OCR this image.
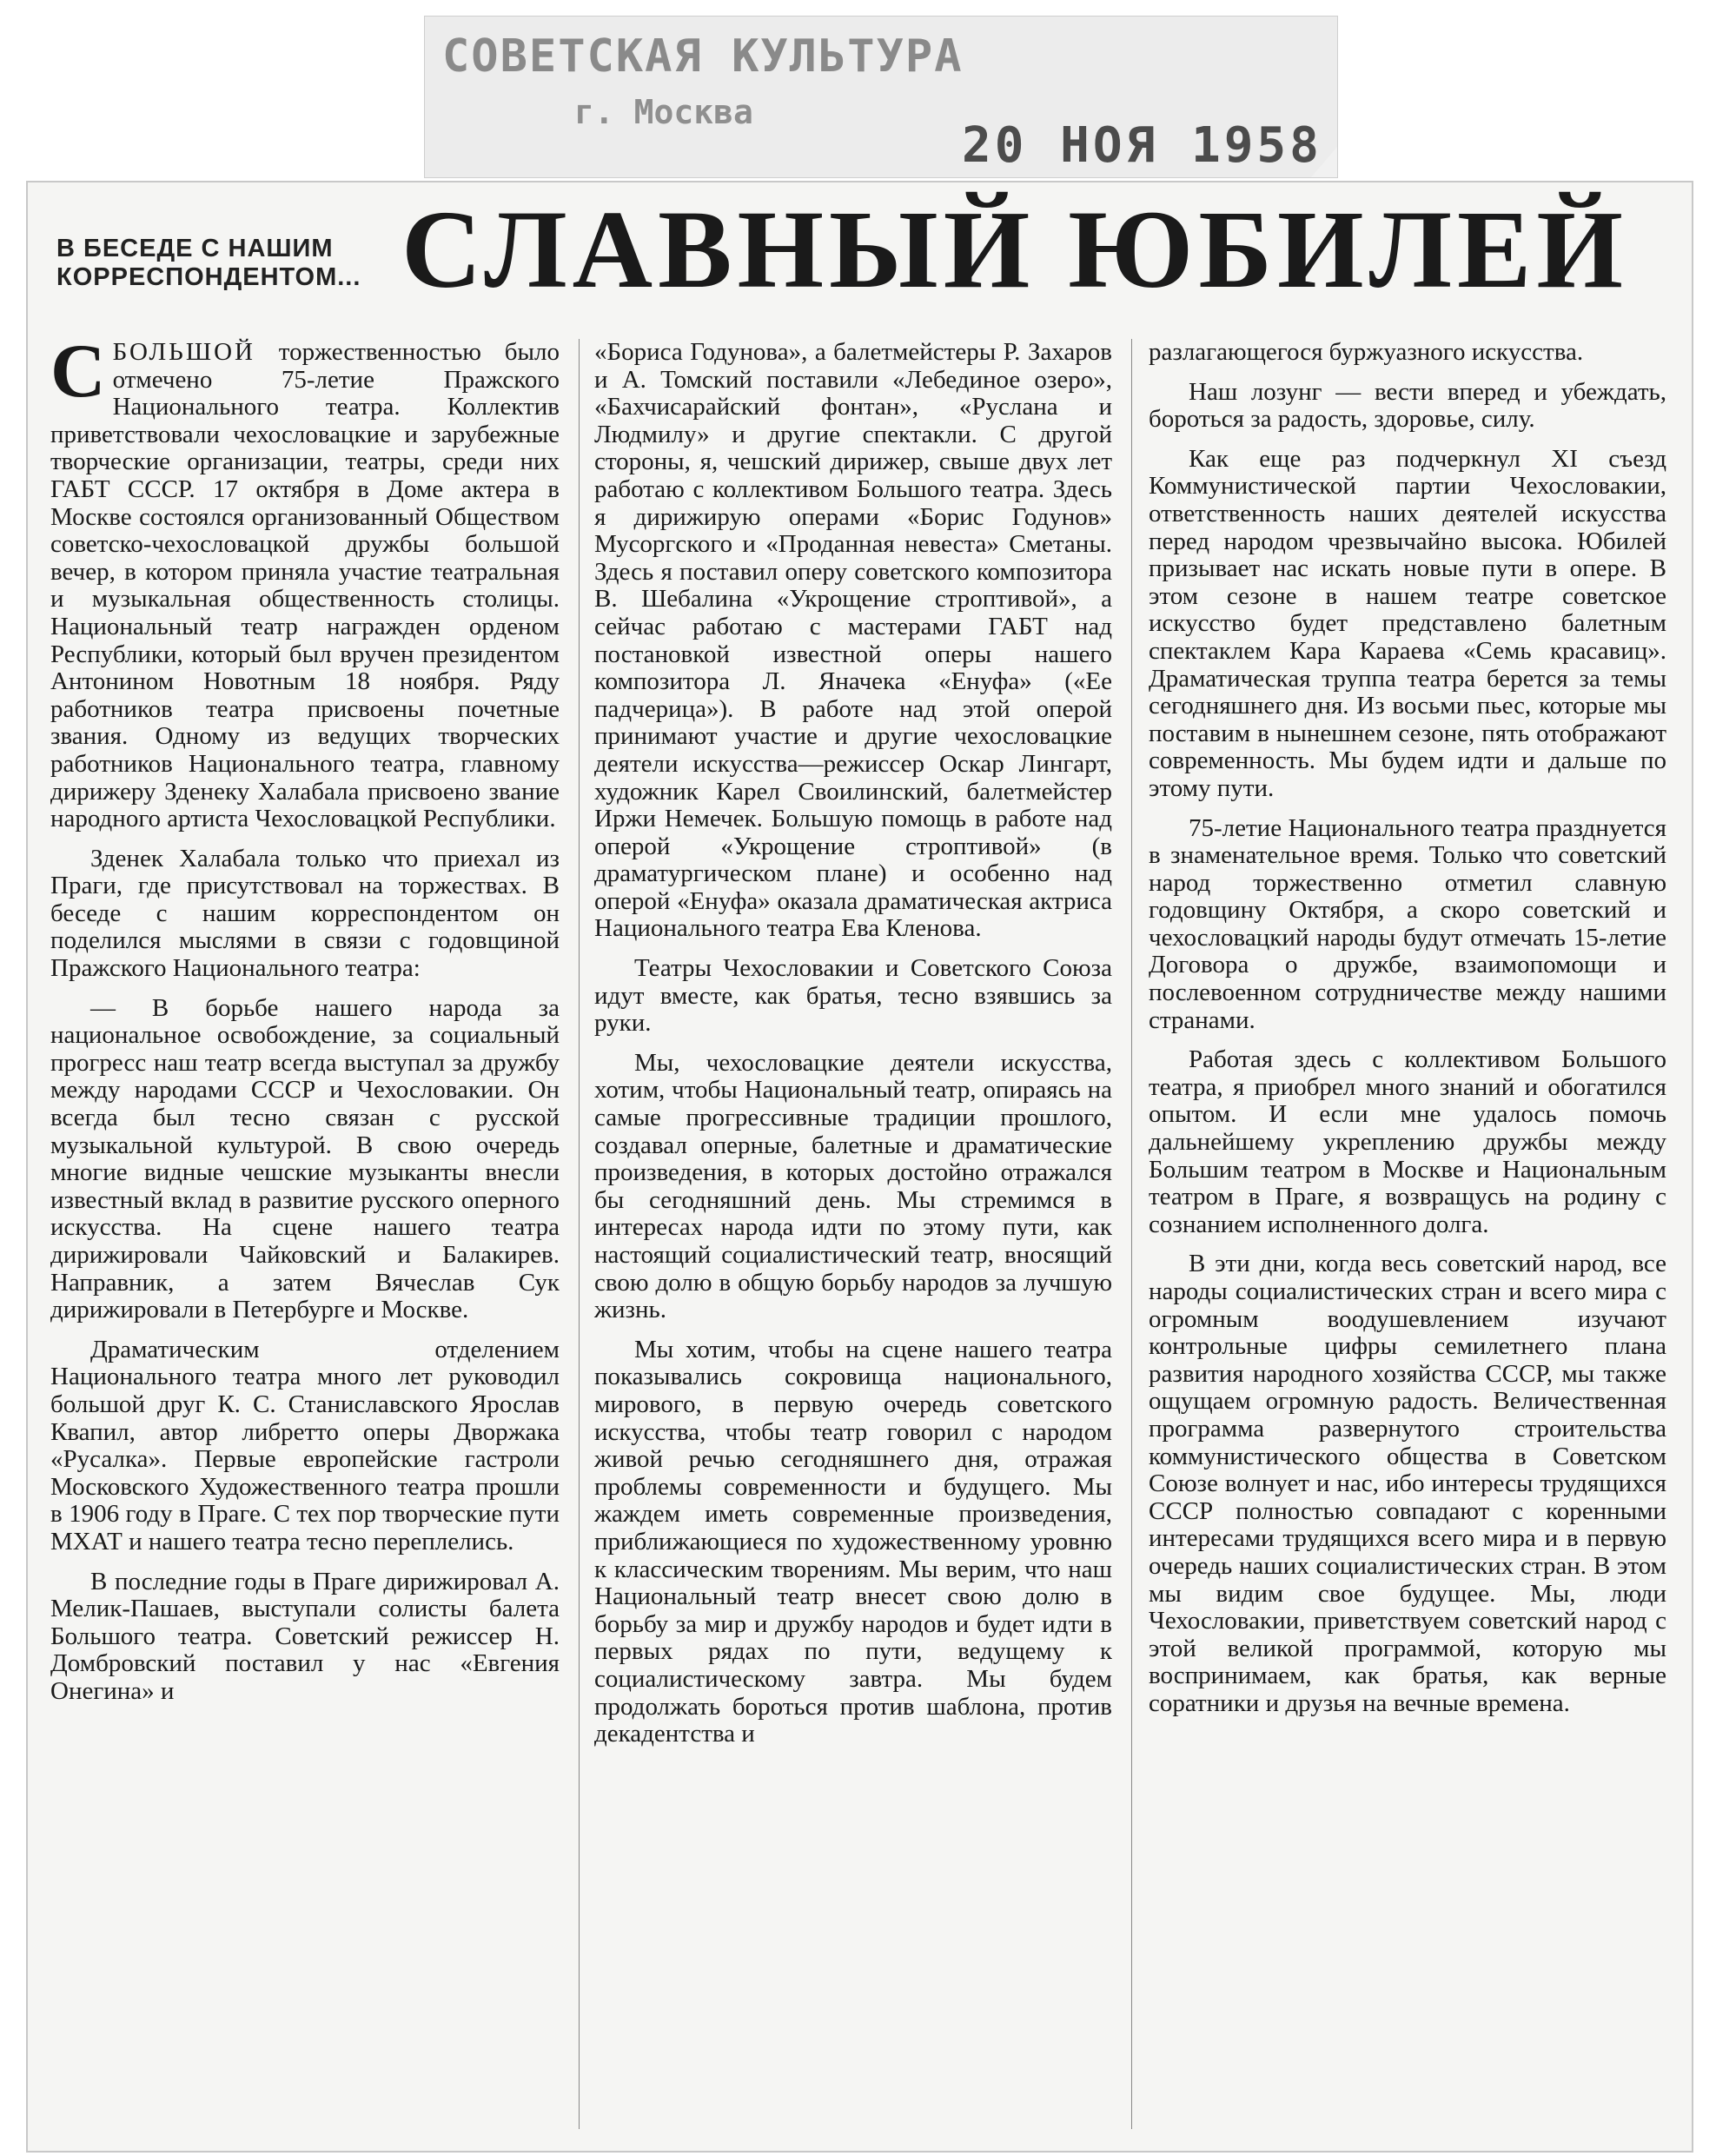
СОВЕТСКАЯ КУЛЬТУРА
г. Москва
20 НОЯ 1958
В БЕСЕДЕ С НАШИМ
КОРРЕСПОНДЕНТОМ... СЛАВНЫЙ ЮБИЛЕЙ

СБОЛЬШОЙ торжественностью было отмечено 75-летие Пражского Национального театра. Коллектив приветствовали чехословацкие и зарубежные творческие организации, театры, среди них ГАБТ СССР. 17 октября в Доме актера в Москве состоялся организованный Обществом советско-чехословацкой дружбы большой вечер, в котором приняла участие театральная и музыкальная общественность столицы. Национальный театр награжден орденом Республики, который был вручен президентом Антонином Новотным 18 ноября. Ряду работников театра присвоены почетные звания. Одному из ведущих творческих работников Национального театра, главному дирижеру Зденеку Халабала присвоено звание народного артиста Чехословацкой Республики.

Зденек Халабала только что приехал из Праги, где присутствовал на торжествах. В беседе с нашим корреспондентом он поделился мыслями в связи с годовщиной Пражского Национального театра:

— В борьбе нашего народа за национальное освобождение, за социальный прогресс наш театр всегда выступал за дружбу между народами СССР и Чехословакии. Он всегда был тесно связан с русской музыкальной культурой. В свою очередь многие видные чешские музыканты внесли известный вклад в развитие русского оперного искусства. На сцене нашего театра дирижировали Чайковский и Балакирев. Направник, а затем Вячеслав Сук дирижировали в Петербурге и Москве.

Драматическим отделением Национального театра много лет руководил большой друг К. С. Станиславского Ярослав Квапил, автор либретто оперы Дворжака «Русалка». Первые европейские гастроли Московского Художественного театра прошли в 1906 году в Праге. С тех пор творческие пути МХАТ и нашего театра тесно переплелись.

В последние годы в Праге дирижировал А. Мелик-Пашаев, выступали солисты балета Большого театра. Советский режиссер Н. Домбровский поставил у нас «Евгения Онегина» и

«Бориса Годунова», а балетмейстеры Р. Захаров и А. Томский поставили «Лебединое озеро», «Бахчисарайский фонтан», «Руслана и Людмилу» и другие спектакли. С другой стороны, я, чешский дирижер, свыше двух лет работаю с коллективом Большого театра. Здесь я дирижирую операми «Борис Годунов» Мусоргского и «Проданная невеста» Сметаны. Здесь я поставил оперу советского композитора В. Шебалина «Укрощение строптивой», а сейчас работаю с мастерами ГАБТ над постановкой известной оперы нашего композитора Л. Яначека «Енуфа» («Ее падчерица»). В работе над этой оперой принимают участие и другие чехословацкие деятели искусства—режиссер Оскар Лингарт, художник Карел Своилинский, балетмейстер Иржи Немечек. Большую помощь в работе над оперой «Укрощение строптивой» (в драматургическом плане) и особенно над оперой «Енуфа» оказала драматическая актриса Национального театра Ева Кленова.

Театры Чехословакии и Советского Союза идут вместе, как братья, тесно взявшись за руки.

Мы, чехословацкие деятели искусства, хотим, чтобы Национальный театр, опираясь на самые прогрессивные традиции прошлого, создавал оперные, балетные и драматические произведения, в которых достойно отражался бы сегодняшний день. Мы стремимся в интересах народа идти по этому пути, как настоящий социалистический театр, вносящий свою долю в общую борьбу народов за лучшую жизнь.

Мы хотим, чтобы на сцене нашего театра показывались сокровища национального, мирового, в первую очередь советского искусства, чтобы театр говорил с народом живой речью сегодняшнего дня, отражая проблемы современности и будущего. Мы жаждем иметь современные произведения, приближающиеся по художественному уровню к классическим творениям. Мы верим, что наш Национальный театр внесет свою долю в борьбу за мир и дружбу народов и будет идти в первых рядах по пути, ведущему к социалистическому завтра. Мы будем продолжать бороться против шаблона, против декадентства и

разлагающегося буржуазного искусства.

Наш лозунг — вести вперед и убеждать, бороться за радость, здоровье, силу.

Как еще раз подчеркнул XI съезд Коммунистической партии Чехословакии, ответственность наших деятелей искусства перед народом чрезвычайно высока. Юбилей призывает нас искать новые пути в опере. В этом сезоне в нашем театре советское искусство будет представлено балетным спектаклем Кара Караева «Семь красавиц». Драматическая труппа театра берется за темы сегодняшнего дня. Из восьми пьес, которые мы поставим в нынешнем сезоне, пять отображают современность. Мы будем идти и дальше по этому пути.

75-летие Национального театра празднуется в знаменательное время. Только что советский народ торжественно отметил славную годовщину Октября, а скоро советский и чехословацкий народы будут отмечать 15-летие Договора о дружбе, взаимопомощи и послевоенном сотрудничестве между нашими странами.

Работая здесь с коллективом Большого театра, я приобрел много знаний и обогатился опытом. И если мне удалось помочь дальнейшему укреплению дружбы между Большим театром в Москве и Национальным театром в Праге, я возвращусь на родину с сознанием исполненного долга.

В эти дни, когда весь советский народ, все народы социалистических стран и всего мира с огромным воодушевлением изучают контрольные цифры семилетнего плана развития народного хозяйства СССР, мы также ощущаем огромную радость. Величественная программа развернутого строительства коммунистического общества в Советском Союзе волнует и нас, ибо интересы трудящихся СССР полностью совпадают с коренными интересами трудящихся всего мира и в первую очередь наших социалистических стран. В этом мы видим свое будущее. Мы, люди Чехословакии, приветствуем советский народ с этой великой программой, которую мы воспринимаем, как братья, как верные соратники и друзья на вечные времена.
